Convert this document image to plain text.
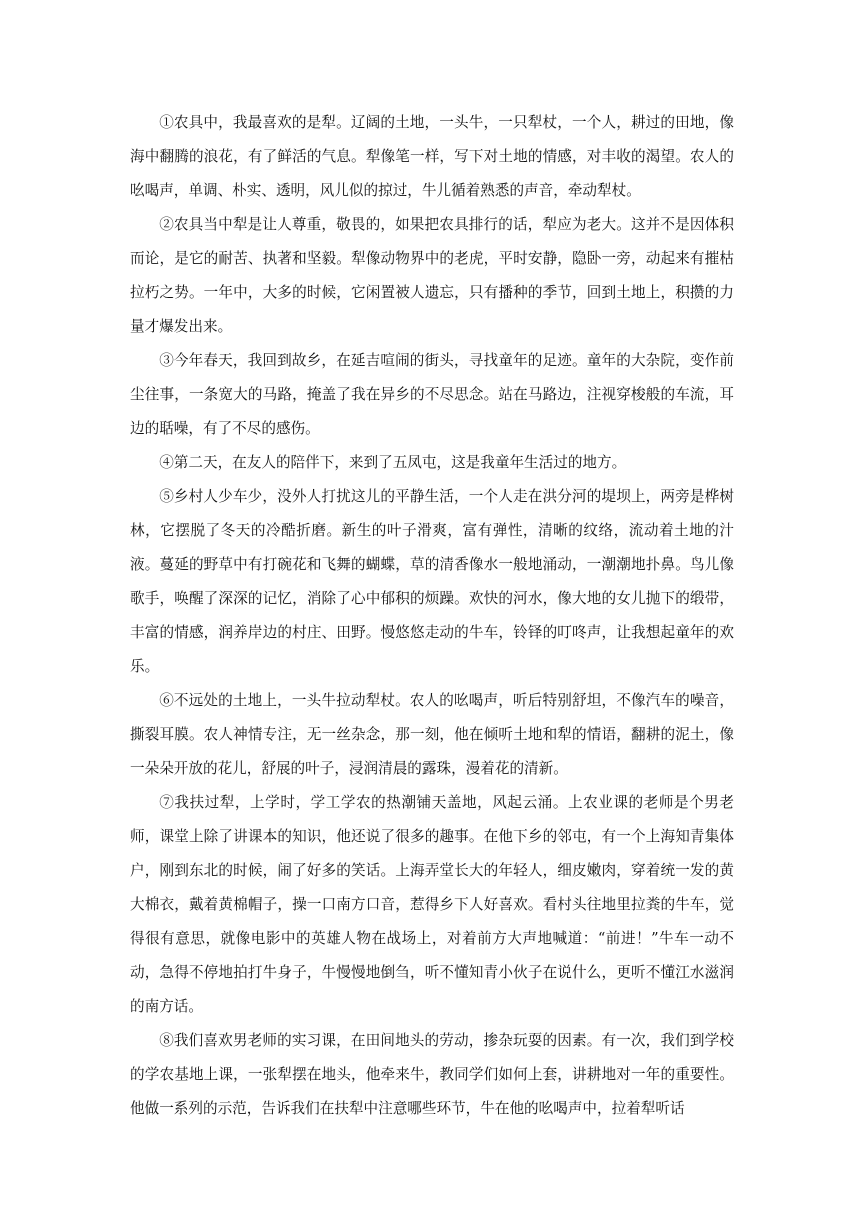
①农具中，我最喜欢的是犁。辽阔的土地，一头牛，一只犁杖，一个人，耕过的田地，像海中翻腾的浪花，有了鲜活的气息。犁像笔一样，写下对土地的情感，对丰收的渴望。农人的吆喝声，单调、朴实、透明，风儿似的掠过，牛儿循着熟悉的声音，牵动犁杖。

②农具当中犁是让人尊重，敬畏的，如果把农具排行的话，犁应为老大。这并不是因体积而论，是它的耐苦、执著和坚毅。犁像动物界中的老虎，平时安静，隐卧一旁，动起来有摧枯拉朽之势。一年中，大多的时候，它闲置被人遗忘，只有播种的季节，回到土地上，积攒的力量才爆发出来。

③今年春天，我回到故乡，在延吉喧闹的街头，寻找童年的足迹。童年的大杂院，变作前尘往事，一条宽大的马路，掩盖了我在异乡的不尽思念。站在马路边，注视穿梭般的车流，耳边的聒噪，有了不尽的感伤。

④第二天，在友人的陪伴下，来到了五凤屯，这是我童年生活过的地方。

⑤乡村人少车少，没外人打扰这儿的平静生活，一个人走在洪分河的堤坝上，两旁是桦树林，它摆脱了冬天的冷酷折磨。新生的叶子滑爽，富有弹性，清晰的纹络，流动着土地的汁液。蔓延的野草中有打碗花和飞舞的蝴蝶，草的清香像水一般地涌动，一潮潮地扑鼻。鸟儿像歌手，唤醒了深深的记忆，消除了心中郁积的烦躁。欢快的河水，像大地的女儿抛下的缎带，丰富的情感，润养岸边的村庄、田野。慢悠悠走动的牛车，铃铎的叮咚声，让我想起童年的欢乐。

⑥不远处的土地上，一头牛拉动犁杖。农人的吆喝声，听后特别舒坦，不像汽车的噪音，撕裂耳膜。农人神情专注，无一丝杂念，那一刻，他在倾听土地和犁的情语，翻耕的泥土，像一朵朵开放的花儿，舒展的叶子，浸润清晨的露珠，漫着花的清新。

⑦我扶过犁，上学时，学工学农的热潮铺天盖地，风起云涌。上农业课的老师是个男老师，课堂上除了讲课本的知识，他还说了很多的趣事。在他下乡的邻屯，有一个上海知青集体户，刚到东北的时候，闹了好多的笑话。上海弄堂长大的年轻人，细皮嫩肉，穿着统一发的黄大棉衣，戴着黄棉帽子，操一口南方口音，惹得乡下人好喜欢。看村头往地里拉粪的牛车，觉得很有意思，就像电影中的英雄人物在战场上，对着前方大声地喊道：“前进！”牛车一动不动，急得不停地拍打牛身子，牛慢慢地倒刍，听不懂知青小伙子在说什么，更听不懂江水滋润的南方话。

⑧我们喜欢男老师的实习课，在田间地头的劳动，掺杂玩耍的因素。有一次，我们到学校的学农基地上课，一张犁摆在地头，他牵来牛，教同学们如何上套，讲耕地对一年的重要性。他做一系列的示范，告诉我们在扶犁中注意哪些环节，牛在他的吆喝声中，拉着犁听话
